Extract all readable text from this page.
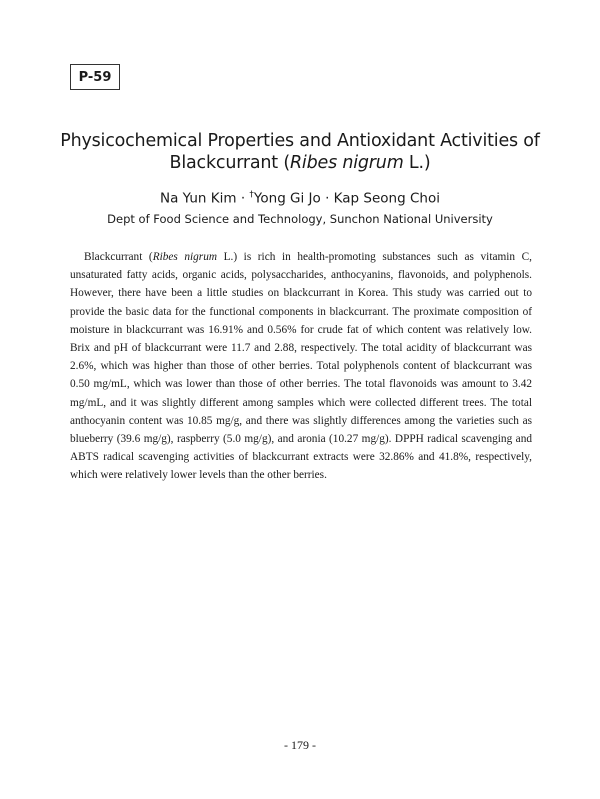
P-59
Physicochemical Properties and Antioxidant Activities of
Blackcurrant (Ribes nigrum L.)
Na Yun Kim · †Yong Gi Jo · Kap Seong Choi
Dept of Food Science and Technology, Sunchon National University

Blackcurrant (Ribes nigrum L.) is rich in health-promoting substances such as vitamin C, unsaturated fatty acids, organic acids, polysaccharides, anthocyanins, flavonoids, and polyphenols. However, there have been a little studies on blackcurrant in Korea. This study was carried out to provide the basic data for the functional components in blackcurrant. The proximate composition of moisture in blackcurrant was 16.91% and 0.56% for crude fat of which content was relatively low. Brix and pH of blackcurrant were 11.7 and 2.88, respectively. The total acidity of blackcurrant was 2.6%, which was higher than those of other berries. Total polyphenols content of blackcurrant was 0.50 mg/mL, which was lower than those of other berries. The total flavonoids was amount to 3.42 mg/mL, and it was slightly different among samples which were collected different trees. The total anthocyanin content was 10.85 mg/g, and there was slightly differences among the varieties such as blueberry (39.6 mg/g), raspberry (5.0 mg/g), and aronia (10.27 mg/g). DPPH radical scavenging and ABTS radical scavenging activities of blackcurrant extracts were 32.86% and 41.8%, respectively, which were relatively lower levels than the other berries.

- 179 -
